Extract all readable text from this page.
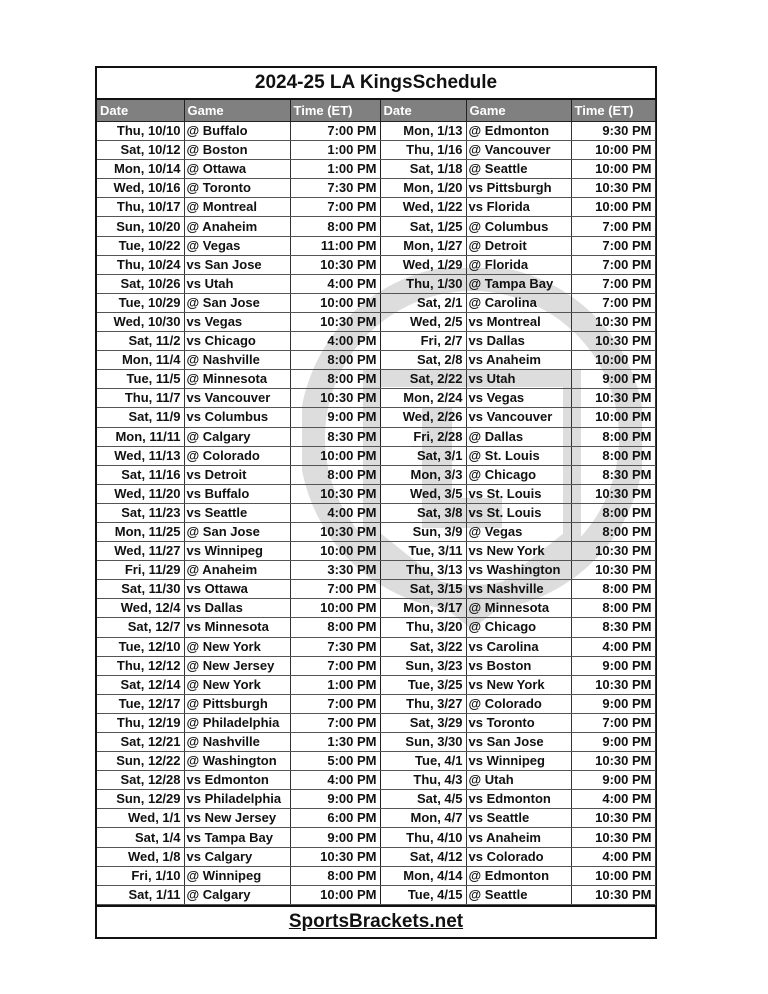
2024-25 LA KingsSchedule
Date	Game	Time (ET)	Date	Game	Time (ET)
Thu, 10/10	@ Buffalo	7:00 PM	Mon, 1/13	@ Edmonton	9:30 PM
Sat, 10/12	@ Boston	1:00 PM	Thu, 1/16	@ Vancouver	10:00 PM
Mon, 10/14	@ Ottawa	1:00 PM	Sat, 1/18	@ Seattle	10:00 PM
Wed, 10/16	@ Toronto	7:30 PM	Mon, 1/20	vs Pittsburgh	10:30 PM
Thu, 10/17	@ Montreal	7:00 PM	Wed, 1/22	vs Florida	10:00 PM
Sun, 10/20	@ Anaheim	8:00 PM	Sat, 1/25	@ Columbus	7:00 PM
Tue, 10/22	@ Vegas	11:00 PM	Mon, 1/27	@ Detroit	7:00 PM
Thu, 10/24	vs San Jose	10:30 PM	Wed, 1/29	@ Florida	7:00 PM
Sat, 10/26	vs Utah	4:00 PM	Thu, 1/30	@ Tampa Bay	7:00 PM
Tue, 10/29	@ San Jose	10:00 PM	Sat, 2/1	@ Carolina	7:00 PM
Wed, 10/30	vs Vegas	10:30 PM	Wed, 2/5	vs Montreal	10:30 PM
Sat, 11/2	vs Chicago	4:00 PM	Fri, 2/7	vs Dallas	10:30 PM
Mon, 11/4	@ Nashville	8:00 PM	Sat, 2/8	vs Anaheim	10:00 PM
Tue, 11/5	@ Minnesota	8:00 PM	Sat, 2/22	vs Utah	9:00 PM
Thu, 11/7	vs Vancouver	10:30 PM	Mon, 2/24	vs Vegas	10:30 PM
Sat, 11/9	vs Columbus	9:00 PM	Wed, 2/26	vs Vancouver	10:00 PM
Mon, 11/11	@ Calgary	8:30 PM	Fri, 2/28	@ Dallas	8:00 PM
Wed, 11/13	@ Colorado	10:00 PM	Sat, 3/1	@ St. Louis	8:00 PM
Sat, 11/16	vs Detroit	8:00 PM	Mon, 3/3	@ Chicago	8:30 PM
Wed, 11/20	vs Buffalo	10:30 PM	Wed, 3/5	vs St. Louis	10:30 PM
Sat, 11/23	vs Seattle	4:00 PM	Sat, 3/8	vs St. Louis	8:00 PM
Mon, 11/25	@ San Jose	10:30 PM	Sun, 3/9	@ Vegas	8:00 PM
Wed, 11/27	vs Winnipeg	10:00 PM	Tue, 3/11	vs New York	10:30 PM
Fri, 11/29	@ Anaheim	3:30 PM	Thu, 3/13	vs Washington	10:30 PM
Sat, 11/30	vs Ottawa	7:00 PM	Sat, 3/15	vs Nashville	8:00 PM
Wed, 12/4	vs Dallas	10:00 PM	Mon, 3/17	@ Minnesota	8:00 PM
Sat, 12/7	vs Minnesota	8:00 PM	Thu, 3/20	@ Chicago	8:30 PM
Tue, 12/10	@ New York	7:30 PM	Sat, 3/22	vs Carolina	4:00 PM
Thu, 12/12	@ New Jersey	7:00 PM	Sun, 3/23	vs Boston	9:00 PM
Sat, 12/14	@ New York	1:00 PM	Tue, 3/25	vs New York	10:30 PM
Tue, 12/17	@ Pittsburgh	7:00 PM	Thu, 3/27	@ Colorado	9:00 PM
Thu, 12/19	@ Philadelphia	7:00 PM	Sat, 3/29	vs Toronto	7:00 PM
Sat, 12/21	@ Nashville	1:30 PM	Sun, 3/30	vs San Jose	9:00 PM
Sun, 12/22	@ Washington	5:00 PM	Tue, 4/1	vs Winnipeg	10:30 PM
Sat, 12/28	vs Edmonton	4:00 PM	Thu, 4/3	@ Utah	9:00 PM
Sun, 12/29	vs Philadelphia	9:00 PM	Sat, 4/5	vs Edmonton	4:00 PM
Wed, 1/1	vs New Jersey	6:00 PM	Mon, 4/7	vs Seattle	10:30 PM
Sat, 1/4	vs Tampa Bay	9:00 PM	Thu, 4/10	vs Anaheim	10:30 PM
Wed, 1/8	vs Calgary	10:30 PM	Sat, 4/12	vs Colorado	4:00 PM
Fri, 1/10	@ Winnipeg	8:00 PM	Mon, 4/14	@ Edmonton	10:00 PM
Sat, 1/11	@ Calgary	10:00 PM	Tue, 4/15	@ Seattle	10:30 PM
SportsBrackets.net
